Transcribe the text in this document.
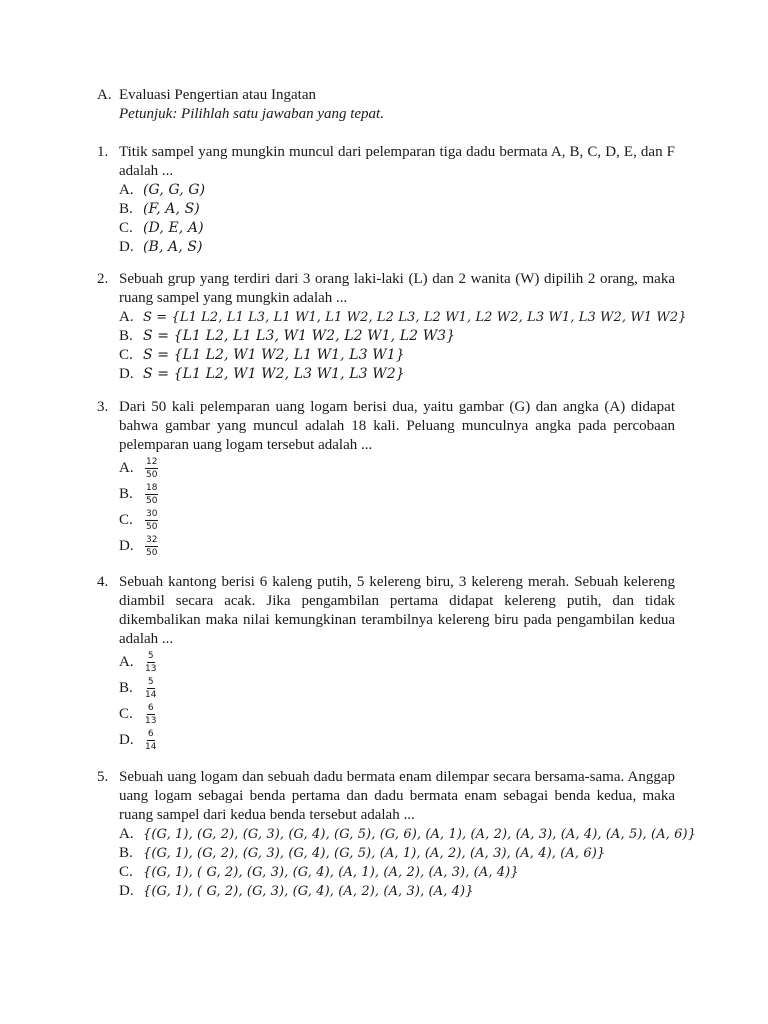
A. Evaluasi Pengertian atau Ingatan
Petunjuk: Pilihlah satu jawaban yang tepat.
1. Titik sampel yang mungkin muncul dari pelemparan tiga dadu bermata A, B, C, D, E, dan F adalah ...
A. (G, G, G)
B. (F, A, S)
C. (D, E, A)
D. (B, A, S)
2. Sebuah grup yang terdiri dari 3 orang laki-laki (L) dan 2 wanita (W) dipilih 2 orang, maka ruang sampel yang mungkin adalah ...
A. S = {L1 L2, L1 L3, L1 W1, L1 W2, L2 L3, L2 W1, L2 W2, L3 W1, L3 W2, W1 W2}
B. S = {L1 L2, L1 L3, W1 W2, L2 W1, L2 W3}
C. S = {L1 L2, W1 W2, L1 W1, L3 W1}
D. S = {L1 L2, W1 W2, L3 W1, L3 W2}
3. Dari 50 kali pelemparan uang logam berisi dua, yaitu gambar (G) dan angka (A) didapat bahwa gambar yang muncul adalah 18 kali. Peluang munculnya angka pada percobaan pelemparan uang logam tersebut adalah ...
A.	$\frac{12}{50}$
B.	$\frac{18}{50}$
C.	$\frac{30}{50}$
D.	$\frac{32}{50}$
4. Sebuah kantong berisi 6 kaleng putih, 5 kelereng biru, 3 kelereng merah. Sebuah kelereng diambil secara acak. Jika pengambilan pertama didapat kelereng putih, dan tidak dikembalikan maka nilai kemungkinan terambilnya kelereng biru pada pengambilan kedua adalah ...
A.	$\frac{5}{13}$
B.	$\frac{5}{14}$
C.	$\frac{6}{13}$
D.	$\frac{6}{14}$
5. Sebuah uang logam dan sebuah dadu bermata enam dilempar secara bersama-sama. Anggap uang logam sebagai benda pertama dan dadu bermata enam sebagai benda kedua, maka ruang sampel dari kedua benda tersebut adalah ...
A. {(G, 1), (G, 2), (G, 3), (G, 4), (G, 5), (G, 6), (A, 1), (A, 2), (A, 3), (A, 4), (A, 5), (A, 6)}
B. {(G, 1), (G, 2), (G, 3), (G, 4), (G, 5), (A, 1), (A, 2), (A, 3), (A, 4), (A, 6)}
C. {(G, 1), ( G, 2), (G, 3), (G, 4), (A, 1), (A, 2), (A, 3), (A, 4)}
D. {(G, 1), ( G, 2), (G, 3), (G, 4), (A, 2), (A, 3), (A, 4)}
